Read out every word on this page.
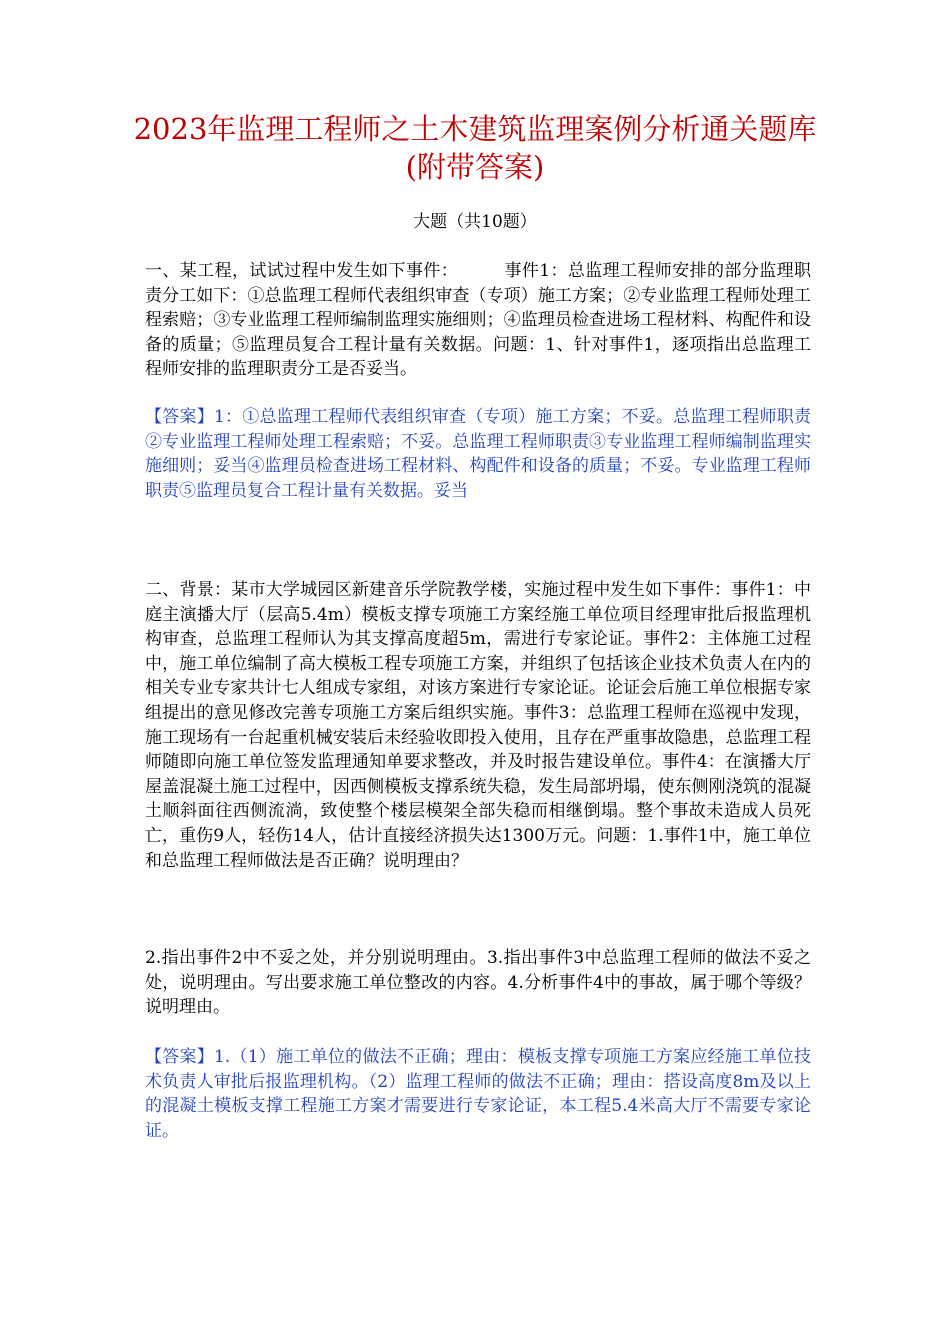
2023年监理工程师之土木建筑监理案例分析通关题库(附带答案)
大题（共10题）

一、某工程，试试过程中发生如下事件：        事件1：总监理工程师安排的部分监理职责分工如下：①总监理工程师代表组织审查（专项）施工方案；②专业监理工程师处理工程索赔；③专业监理工程师编制监理实施细则；④监理员检查进场工程材料、构配件和设备的质量；⑤监理员复合工程计量有关数据。问题：1、针对事件1，逐项指出总监理工程师安排的监理职责分工是否妥当。

【答案】1：①总监理工程师代表组织审查（专项）施工方案；不妥。总监理工程师职责②专业监理工程师处理工程索赔；不妥。总监理工程师职责③专业监理工程师编制监理实施细则；妥当④监理员检查进场工程材料、构配件和设备的质量；不妥。专业监理工程师职责⑤监理员复合工程计量有关数据。妥当

二、背景：某市大学城园区新建音乐学院教学楼，实施过程中发生如下事件：事件1：中庭主演播大厅（层高5.4m）模板支撑专项施工方案经施工单位项目经理审批后报监理机构审查，总监理工程师认为其支撑高度超5m，需进行专家论证。事件2：主体施工过程中，施工单位编制了高大模板工程专项施工方案，并组织了包括该企业技术负责人在内的相关专业专家共计七人组成专家组，对该方案进行专家论证。论证会后施工单位根据专家组提出的意见修改完善专项施工方案后组织实施。事件3：总监理工程师在巡视中发现，施工现场有一台起重机械安装后未经验收即投入使用，且存在严重事故隐患，总监理工程师随即向施工单位签发监理通知单要求整改，并及时报告建设单位。事件4：在演播大厅屋盖混凝土施工过程中，因西侧模板支撑系统失稳，发生局部坍塌，使东侧刚浇筑的混凝土顺斜面往西侧流淌，致使整个楼层模架全部失稳而相继倒塌。整个事故未造成人员死亡，重伤9人，轻伤14人，估计直接经济损失达1300万元。问题：1.事件1中，施工单位和总监理工程师做法是否正确？说明理由？

2.指出事件2中不妥之处，并分别说明理由。3.指出事件3中总监理工程师的做法不妥之处，说明理由。写出要求施工单位整改的内容。4.分析事件4中的事故，属于哪个等级？说明理由。

【答案】1.（1）施工单位的做法不正确；理由：模板支撑专项施工方案应经施工单位技术负责人审批后报监理机构。（2）监理工程师的做法不正确；理由：搭设高度8m及以上的混凝土模板支撑工程施工方案才需要进行专家论证，本工程5.4米高大厅不需要专家论证。
